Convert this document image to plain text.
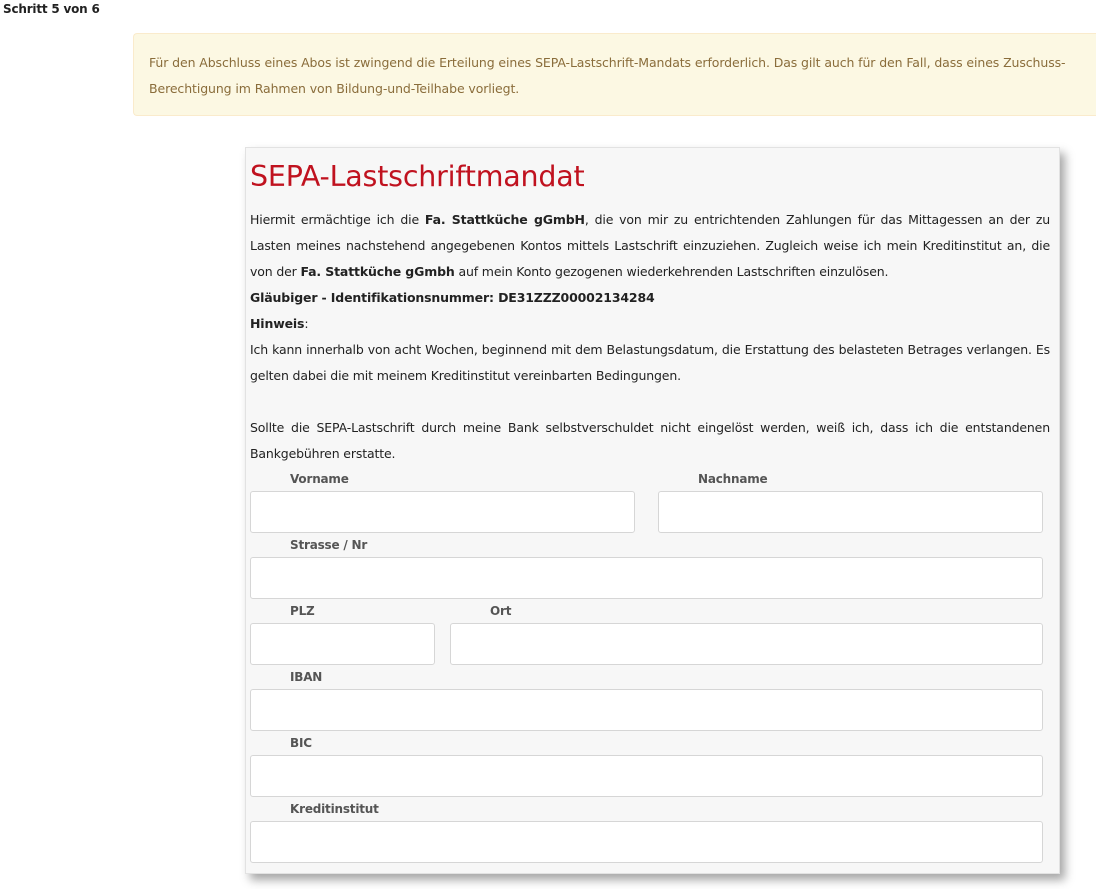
Schritt 5 von 6
Für den Abschluss eines Abos ist zwingend die Erteilung eines SEPA-Lastschrift-Mandats erforderlich. Das gilt auch für den Fall, dass eines Zuschuss-Berechtigung im Rahmen von Bildung-und-Teilhabe vorliegt.
SEPA-Lastschriftmandat

Hiermit ermächtige ich die Fa. Stattküche gGmbH, die von mir zu entrichtenden Zahlungen für das Mittagessen an der zu Lasten meines nachstehend angegebenen Kontos mittels Lastschrift einzuziehen. Zugleich weise ich mein Kreditinstitut an, die von der Fa. Stattküche gGmbh auf mein Konto gezogenen wiederkehrenden Lastschriften einzulösen.

Gläubiger - Identifikationsnummer: DE31ZZZ00002134284

Hinweis:

Ich kann innerhalb von acht Wochen, beginnend mit dem Belastungsdatum, die Erstattung des belasteten Betrages verlangen. Es gelten dabei die mit meinem Kreditinstitut vereinbarten Bedingungen.

Sollte die SEPA-Lastschrift durch meine Bank selbstverschuldet nicht eingelöst werden, weiß ich, dass ich die entstandenen Bankgebühren erstatte.

Vorname	Nachname
Strasse / Nr
PLZ	Ort
IBAN
BIC
Kreditinstitut
